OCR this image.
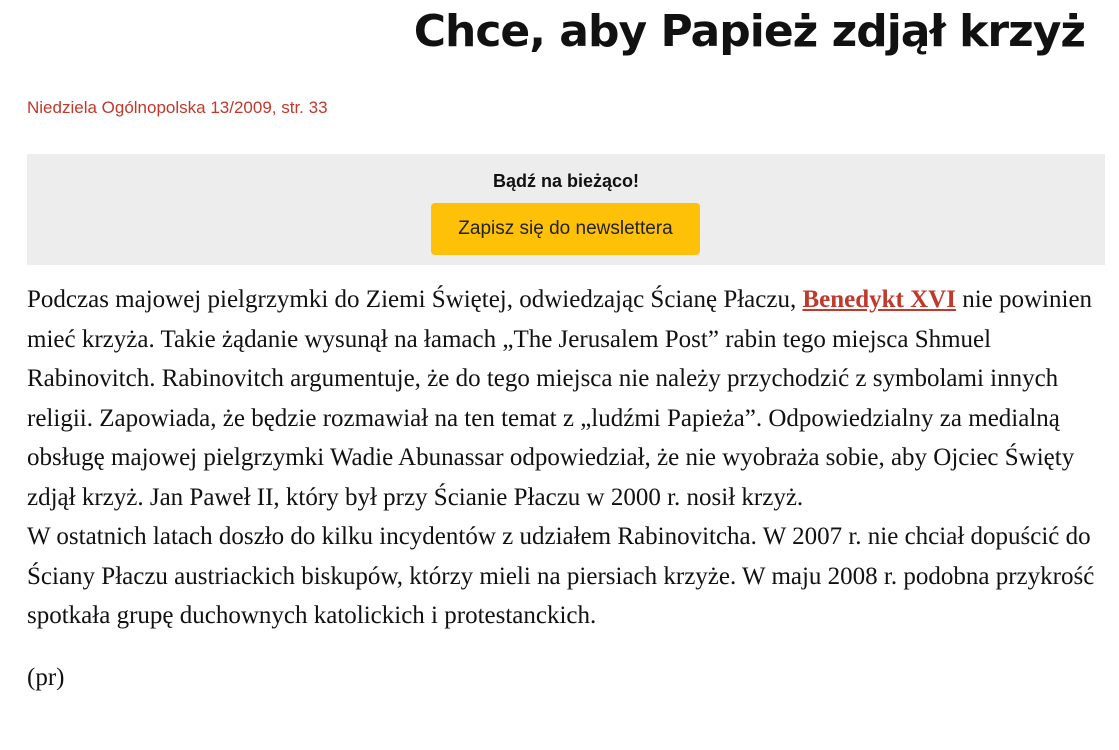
Chce, aby Papież zdjął krzyż
Niedziela Ogólnopolska 13/2009, str. 33
Bądź na bieżąco!
Zapisz się do newslettera

Podczas majowej pielgrzymki do Ziemi Świętej, odwiedzając Ścianę Płaczu, Benedykt XVI nie powinien mieć krzyża. Takie żądanie wysunął na łamach „The Jerusalem Post” rabin tego miejsca Shmuel Rabinovitch. Rabinovitch argumentuje, że do tego miejsca nie należy przychodzić z symbolami innych religii. Zapowiada, że będzie rozmawiał na ten temat z „ludźmi Papieża”. Odpowiedzialny za medialną obsługę majowej pielgrzymki Wadie Abunassar odpowiedział, że nie wyobraża sobie, aby Ojciec Święty zdjął krzyż. Jan Paweł II, który był przy Ścianie Płaczu w 2000 r. nosił krzyż.

W ostatnich latach doszło do kilku incydentów z udziałem Rabinovitcha. W 2007 r. nie chciał dopuścić do Ściany Płaczu austriackich biskupów, którzy mieli na piersiach krzyże. W maju 2008 r. podobna przykrość spotkała grupę duchownych katolickich i protestanckich.

(pr)
